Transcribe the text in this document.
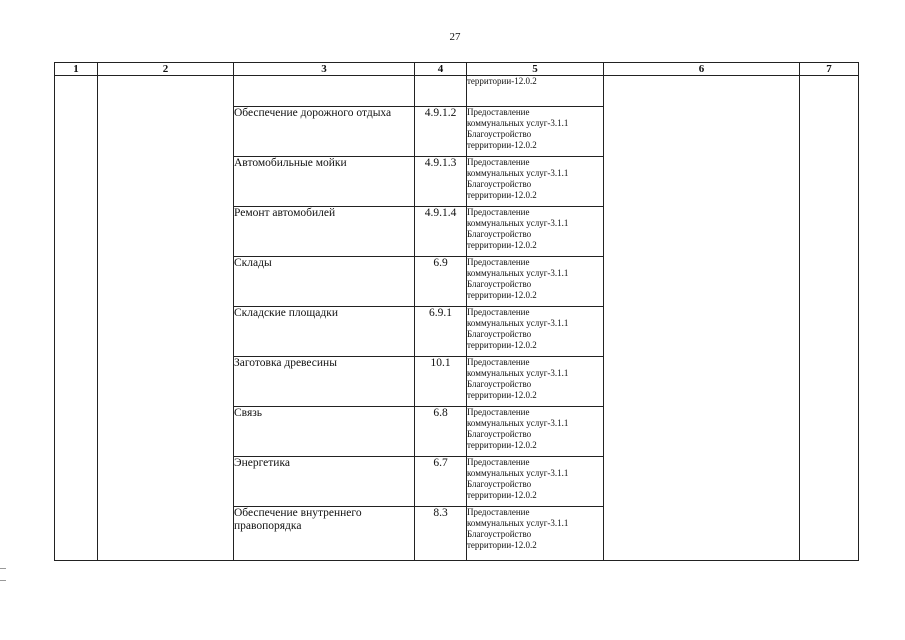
27
1	2	3	4	5	6	7

				территории-12.0.2		

		Обеспечение дорожного отдыха	4.9.1.2	Предоставление
коммунальных услуг-3.1.1
Благоустройство
территории-12.0.2		

		Автомобильные мойки	4.9.1.3	Предоставление
коммунальных услуг-3.1.1
Благоустройство
территории-12.0.2		

		Ремонт автомобилей	4.9.1.4	Предоставление
коммунальных услуг-3.1.1
Благоустройство
территории-12.0.2		

		Склады	6.9	Предоставление
коммунальных услуг-3.1.1
Благоустройство
территории-12.0.2		

		Складские площадки	6.9.1	Предоставление
коммунальных услуг-3.1.1
Благоустройство
территории-12.0.2		

		Заготовка древесины	10.1	Предоставление
коммунальных услуг-3.1.1
Благоустройство
территории-12.0.2		

		Связь	6.8	Предоставление
коммунальных услуг-3.1.1
Благоустройство
территории-12.0.2		

		Энергетика	6.7	Предоставление
коммунальных услуг-3.1.1
Благоустройство
территории-12.0.2		

		Обеспечение внутреннего правопорядка	8.3	Предоставление
коммунальных услуг-3.1.1
Благоустройство
территории-12.0.2		
